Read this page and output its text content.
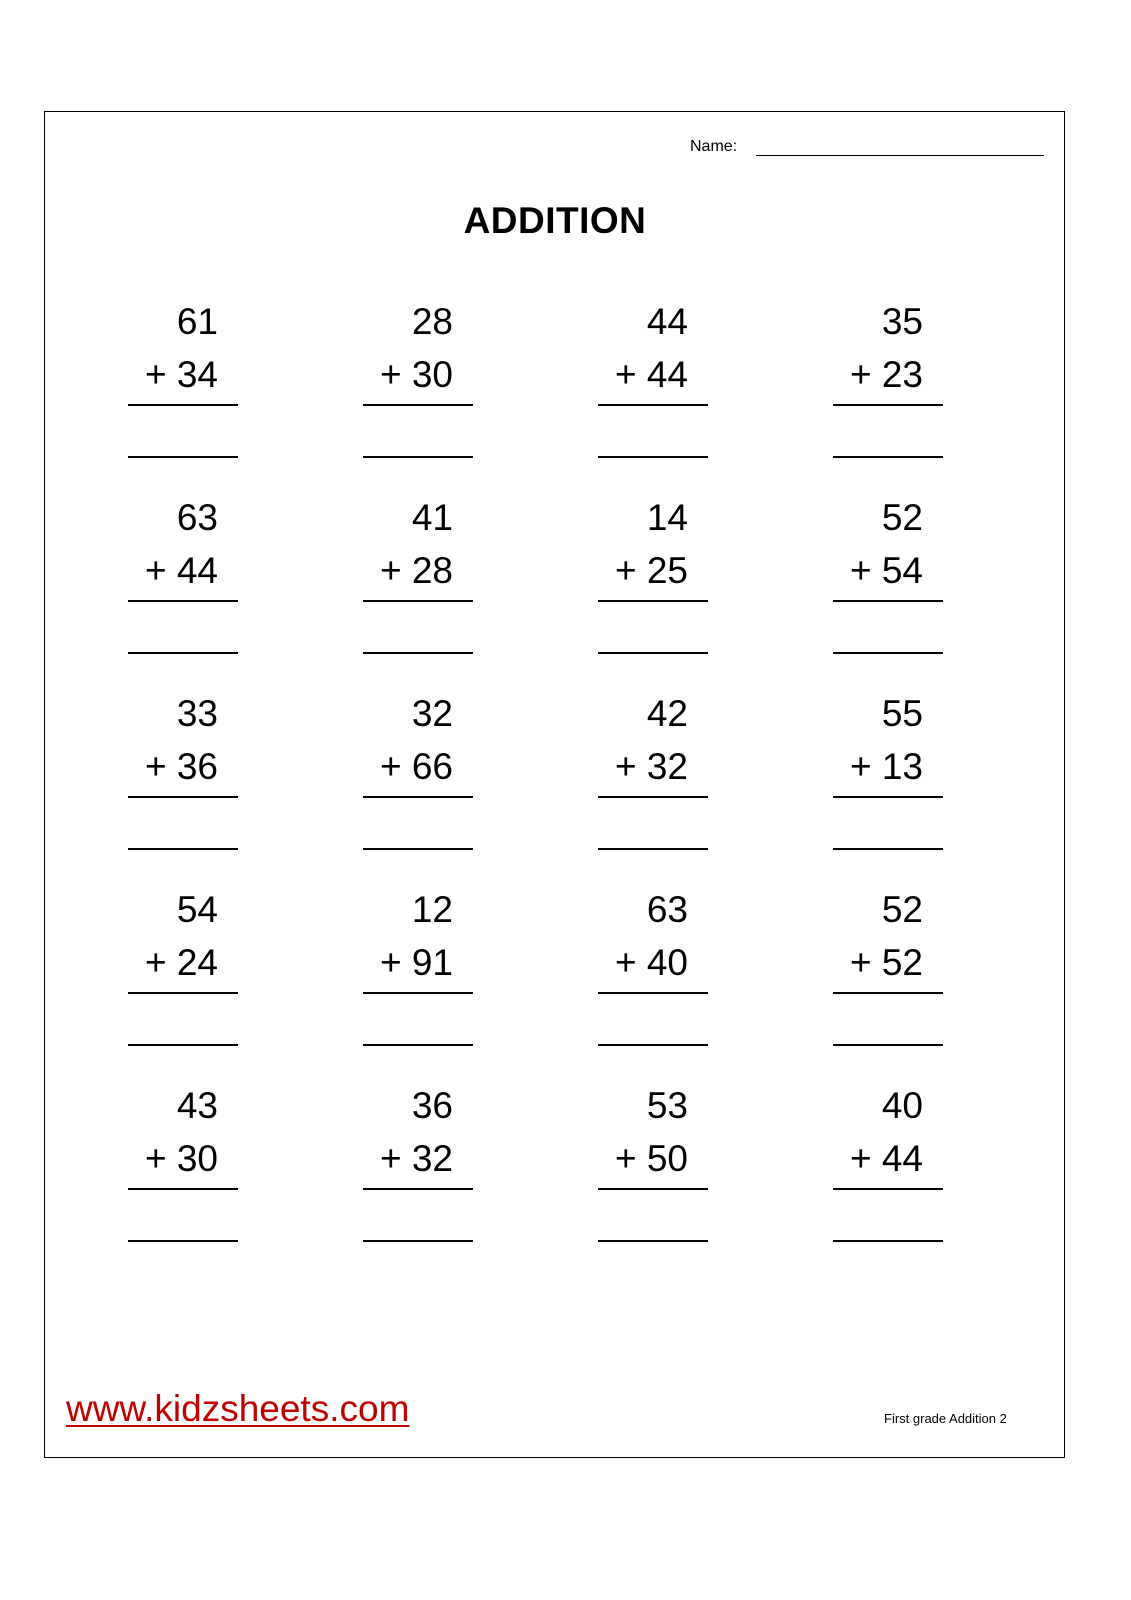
Name:
ADDITION
61
+ 34
28
+ 30
44
+ 44
35
+ 23
63
+ 44
41
+ 28
14
+ 25
52
+ 54
33
+ 36
32
+ 66
42
+ 32
55
+ 13
54
+ 24
12
+ 91
63
+ 40
52
+ 52
43
+ 30
36
+ 32
53
+ 50
40
+ 44
www.kidzsheets.com	First grade Addition 2
